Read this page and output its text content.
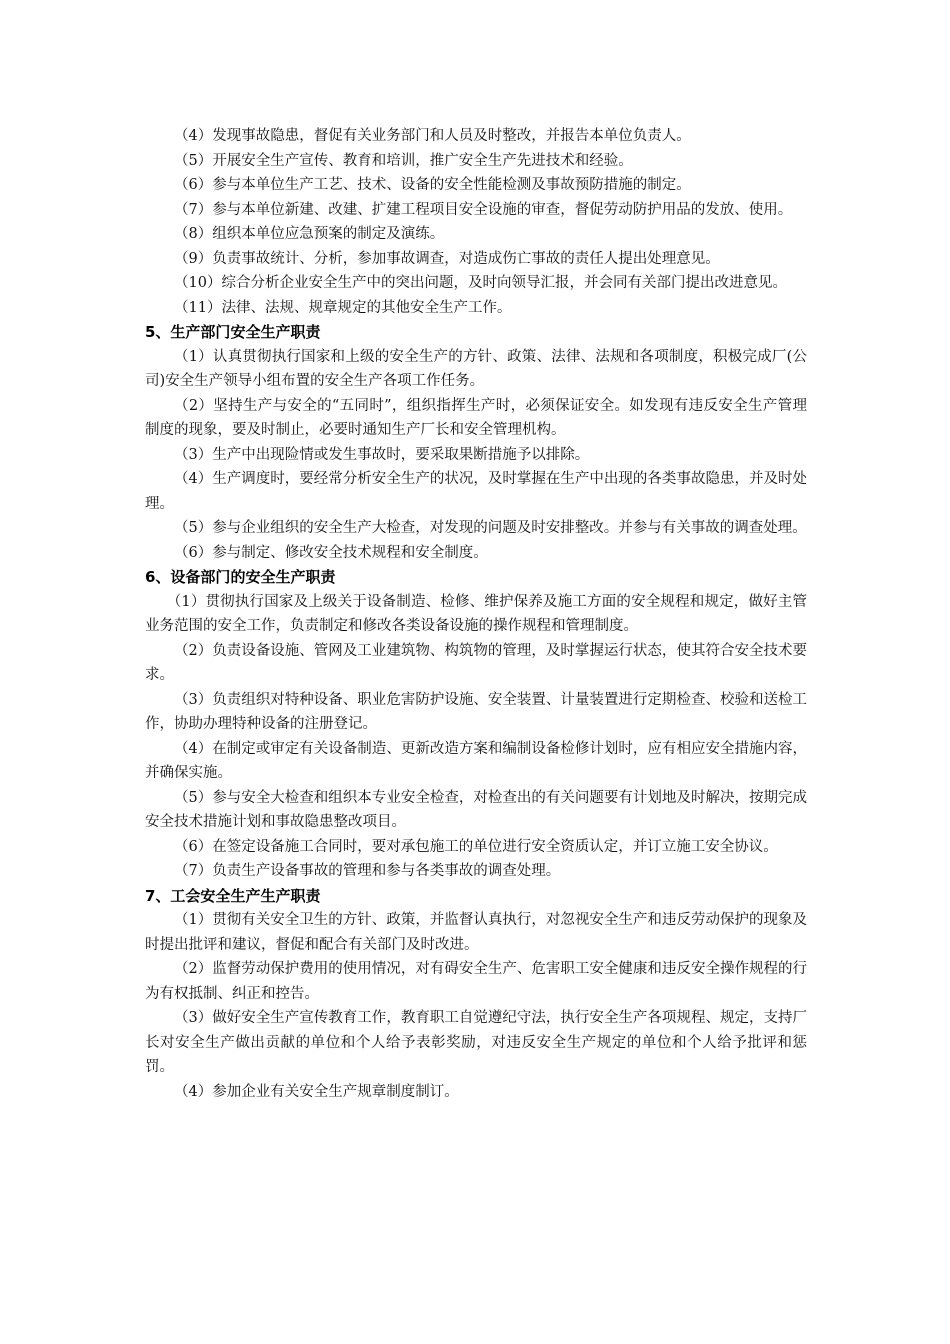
（4）发现事故隐患，督促有关业务部门和人员及时整改，并报告本单位负责人。

（5）开展安全生产宣传、教育和培训，推广安全生产先进技术和经验。

（6）参与本单位生产工艺、技术、设备的安全性能检测及事故预防措施的制定。

（7）参与本单位新建、改建、扩建工程项目安全设施的审查，督促劳动防护用品的发放、使用。

（8）组织本单位应急预案的制定及演练。

（9）负责事故统计、分析，参加事故调查，对造成伤亡事故的责任人提出处理意见。

（10）综合分析企业安全生产中的突出问题，及时向领导汇报，并会同有关部门提出改进意见。

（11）法律、法规、规章规定的其他安全生产工作。

5、生产部门安全生产职责

（1）认真贯彻执行国家和上级的安全生产的方针、政策、法律、法规和各项制度，积极完成厂(公司)安全生产领导小组布置的安全生产各项工作任务。

（2）坚持生产与安全的“五同时”，组织指挥生产时，必须保证安全。如发现有违反安全生产管理制度的现象，要及时制止，必要时通知生产厂长和安全管理机构。

（3）生产中出现险情或发生事故时，要采取果断措施予以排除。

（4）生产调度时，要经常分析安全生产的状况，及时掌握在生产中出现的各类事故隐患，并及时处理。

（5）参与企业组织的安全生产大检查，对发现的问题及时安排整改。并参与有关事故的调查处理。

（6）参与制定、修改安全技术规程和安全制度。

6、设备部门的安全生产职责

（1）贯彻执行国家及上级关于设备制造、检修、维护保养及施工方面的安全规程和规定，做好主管业务范围的安全工作，负责制定和修改各类设备设施的操作规程和管理制度。

（2）负责设备设施、管网及工业建筑物、构筑物的管理，及时掌握运行状态，使其符合安全技术要求。

（3）负责组织对特种设备、职业危害防护设施、安全装置、计量装置进行定期检查、校验和送检工作，协助办理特种设备的注册登记。

（4）在制定或审定有关设备制造、更新改造方案和编制设备检修计划时，应有相应安全措施内容，并确保实施。

（5）参与安全大检查和组织本专业安全检查，对检查出的有关问题要有计划地及时解决，按期完成安全技术措施计划和事故隐患整改项目。

（6）在签定设备施工合同时，要对承包施工的单位进行安全资质认定，并订立施工安全协议。

（7）负责生产设备事故的管理和参与各类事故的调查处理。

7、工会安全生产生产职责

（1）贯彻有关安全卫生的方针、政策，并监督认真执行，对忽视安全生产和违反劳动保护的现象及时提出批评和建议，督促和配合有关部门及时改进。

（2）监督劳动保护费用的使用情况，对有碍安全生产、危害职工安全健康和违反安全操作规程的行为有权抵制、纠正和控告。

（3）做好安全生产宣传教育工作，教育职工自觉遵纪守法，执行安全生产各项规程、规定，支持厂长对安全生产做出贡献的单位和个人给予表彰奖励，对违反安全生产规定的单位和个人给予批评和惩罚。

（4）参加企业有关安全生产规章制度制订。
